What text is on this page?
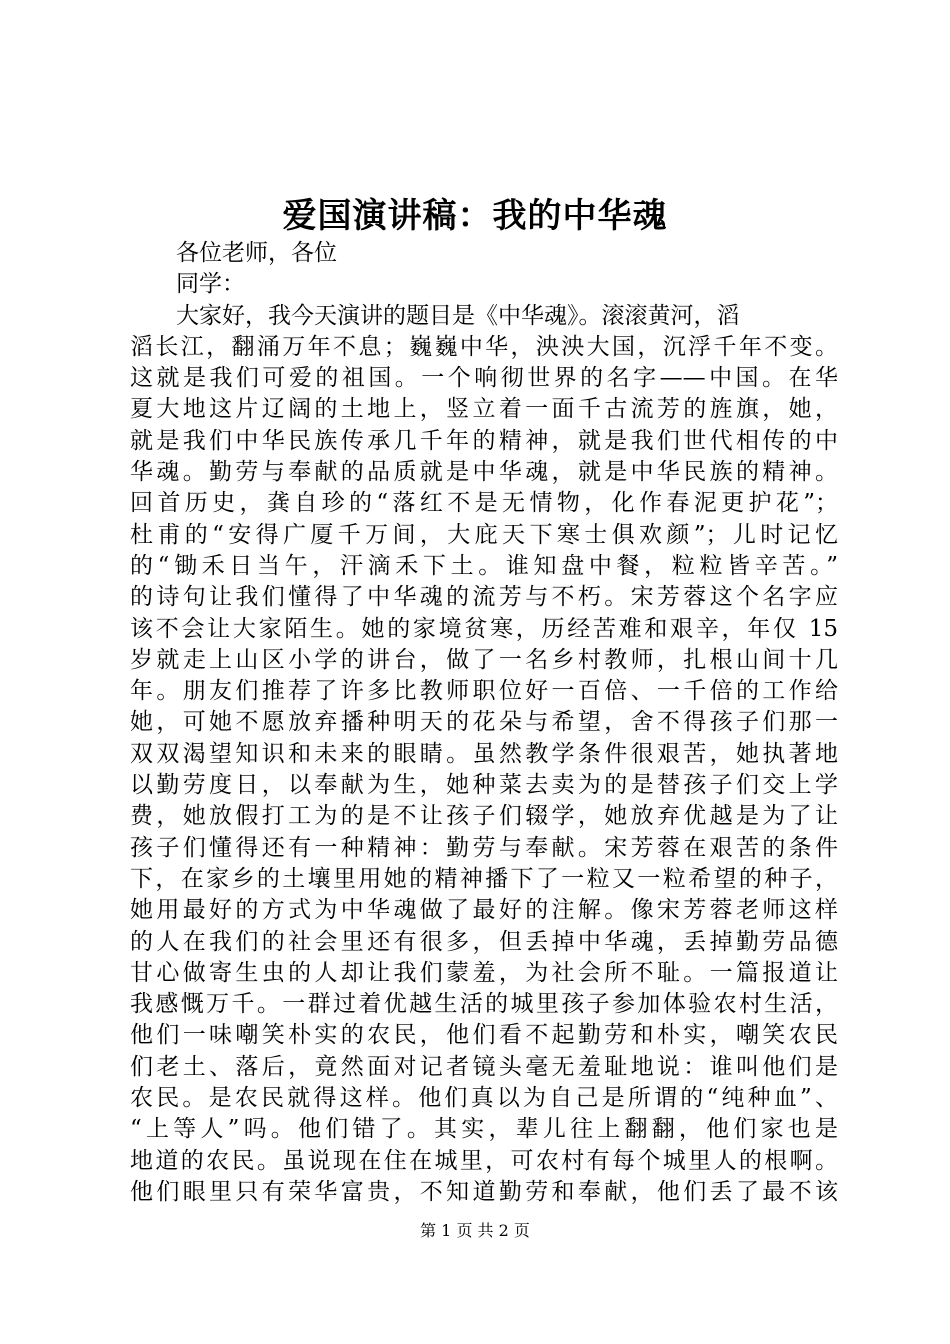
爱国演讲稿：我的中华魂
各位老师，各位
同学：
大家好，我今天演讲的题目是《中华魂》。滚滚黄河，滔
滔长江，翻涌万年不息；巍巍中华，泱泱大国，沉浮千年不变。
这就是我们可爱的祖国。一个响彻世界的名字——中国。在华
夏大地这片辽阔的土地上，竖立着一面千古流芳的旌旗，她，
就是我们中华民族传承几千年的精神，就是我们世代相传的中
华魂。勤劳与奉献的品质就是中华魂，就是中华民族的精神。
回首历史，龚自珍的“落红不是无情物，化作春泥更护花”；
杜甫的“安得广厦千万间，大庇天下寒士俱欢颜”；儿时记忆
的“锄禾日当午，汗滴禾下土。谁知盘中餐，粒粒皆辛苦。”
的诗句让我们懂得了中华魂的流芳与不朽。宋芳蓉这个名字应
该不会让大家陌生。她的家境贫寒，历经苦难和艰辛，年仅 15
岁就走上山区小学的讲台，做了一名乡村教师，扎根山间十几
年。朋友们推荐了许多比教师职位好一百倍、一千倍的工作给
她，可她不愿放弃播种明天的花朵与希望，舍不得孩子们那一
双双渴望知识和未来的眼睛。虽然教学条件很艰苦，她执著地
以勤劳度日，以奉献为生，她种菜去卖为的是替孩子们交上学
费，她放假打工为的是不让孩子们辍学，她放弃优越是为了让
孩子们懂得还有一种精神：勤劳与奉献。宋芳蓉在艰苦的条件
下，在家乡的土壤里用她的精神播下了一粒又一粒希望的种子，
她用最好的方式为中华魂做了最好的注解。像宋芳蓉老师这样
的人在我们的社会里还有很多，但丢掉中华魂，丢掉勤劳品德
甘心做寄生虫的人却让我们蒙羞，为社会所不耻。一篇报道让
我感慨万千。一群过着优越生活的城里孩子参加体验农村生活，
他们一味嘲笑朴实的农民，他们看不起勤劳和朴实，嘲笑农民
们老土、落后，竟然面对记者镜头毫无羞耻地说：谁叫他们是
农民。是农民就得这样。他们真以为自己是所谓的“纯种血”、
“上等人”吗。他们错了。其实，辈儿往上翻翻，他们家也是
地道的农民。虽说现在住在城里，可农村有每个城里人的根啊。
他们眼里只有荣华富贵，不知道勤劳和奉献，他们丢了最不该
第 1 页 共 2 页
